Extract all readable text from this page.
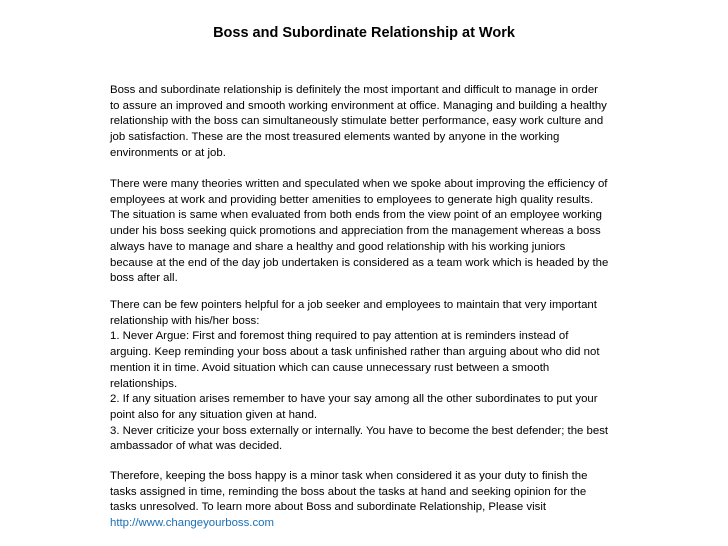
Boss and Subordinate Relationship at Work

Boss and subordinate relationship is definitely the most important and difficult to manage in order to assure an improved and smooth working environment at office. Managing and building a healthy relationship with the boss can simultaneously stimulate better performance, easy work culture and job satisfaction. These are the most treasured elements wanted by anyone in the working environments or at job.

There were many theories written and speculated when we spoke about improving the efficiency of employees at work and providing better amenities to employees to generate high quality results. The situation is same when evaluated from both ends from the view point of an employee working under his boss seeking quick promotions and appreciation from the management whereas a boss always have to manage and share a healthy and good relationship with his working juniors because at the end of the day job undertaken is considered as a team work which is headed by the boss after all.

There can be few pointers helpful for a job seeker and employees to maintain that very important relationship with his/her boss:
1. Never Argue: First and foremost thing required to pay attention at is reminders instead of arguing. Keep reminding your boss about a task unfinished rather than arguing about who did not mention it in time. Avoid situation which can cause unnecessary rust between a smooth relationships.
2. If any situation arises remember to have your say among all the other subordinates to put your point also for any situation given at hand.
3. Never criticize your boss externally or internally. You have to become the best defender; the best ambassador of what was decided.

Therefore, keeping the boss happy is a minor task when considered it as your duty to finish the tasks assigned in time, reminding the boss about the tasks at hand and seeking opinion for the tasks unresolved. To learn more about Boss and subordinate Relationship, Please visit http://www.changeyourboss.com
